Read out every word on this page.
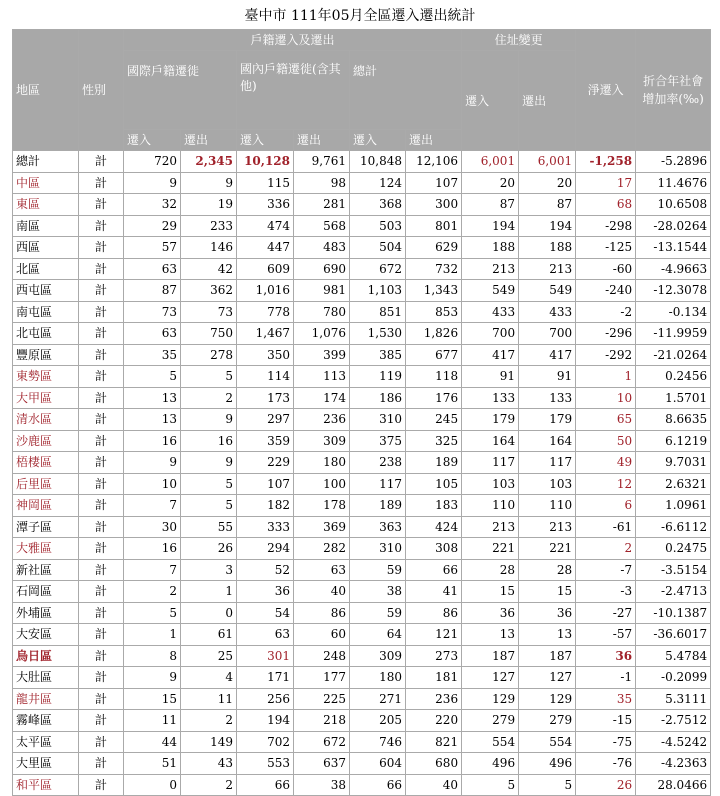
臺中市 111年05月全區遷入遷出統計
地區	性別	戶籍遷入及遷出						住址變更		淨遷入	折合年社會增加率(‰)
		國際戶籍遷徙		國內戶籍遷徙(含其他)		總計		遷入	遷出		
		遷入	遷出	遷入	遷出	遷入	遷出				
總計	計	720	2,345	10,128	9,761	10,848	12,106	6,001	6,001	-1,258	-5.2896
中區	計	9	9	115	98	124	107	20	20	17	11.4676
東區	計	32	19	336	281	368	300	87	87	68	10.6508
南區	計	29	233	474	568	503	801	194	194	-298	-28.0264
西區	計	57	146	447	483	504	629	188	188	-125	-13.1544
北區	計	63	42	609	690	672	732	213	213	-60	-4.9663
西屯區	計	87	362	1,016	981	1,103	1,343	549	549	-240	-12.3078
南屯區	計	73	73	778	780	851	853	433	433	-2	-0.134
北屯區	計	63	750	1,467	1,076	1,530	1,826	700	700	-296	-11.9959
豐原區	計	35	278	350	399	385	677	417	417	-292	-21.0264
東勢區	計	5	5	114	113	119	118	91	91	1	0.2456
大甲區	計	13	2	173	174	186	176	133	133	10	1.5701
清水區	計	13	9	297	236	310	245	179	179	65	8.6635
沙鹿區	計	16	16	359	309	375	325	164	164	50	6.1219
梧棲區	計	9	9	229	180	238	189	117	117	49	9.7031
后里區	計	10	5	107	100	117	105	103	103	12	2.6321
神岡區	計	7	5	182	178	189	183	110	110	6	1.0961
潭子區	計	30	55	333	369	363	424	213	213	-61	-6.6112
大雅區	計	16	26	294	282	310	308	221	221	2	0.2475
新社區	計	7	3	52	63	59	66	28	28	-7	-3.5154
石岡區	計	2	1	36	40	38	41	15	15	-3	-2.4713
外埔區	計	5	0	54	86	59	86	36	36	-27	-10.1387
大安區	計	1	61	63	60	64	121	13	13	-57	-36.6017
烏日區	計	8	25	301	248	309	273	187	187	36	5.4784
大肚區	計	9	4	171	177	180	181	127	127	-1	-0.2099
龍井區	計	15	11	256	225	271	236	129	129	35	5.3111
霧峰區	計	11	2	194	218	205	220	279	279	-15	-2.7512
太平區	計	44	149	702	672	746	821	554	554	-75	-4.5242
大里區	計	51	43	553	637	604	680	496	496	-76	-4.2363
和平區	計	0	2	66	38	66	40	5	5	26	28.0466
